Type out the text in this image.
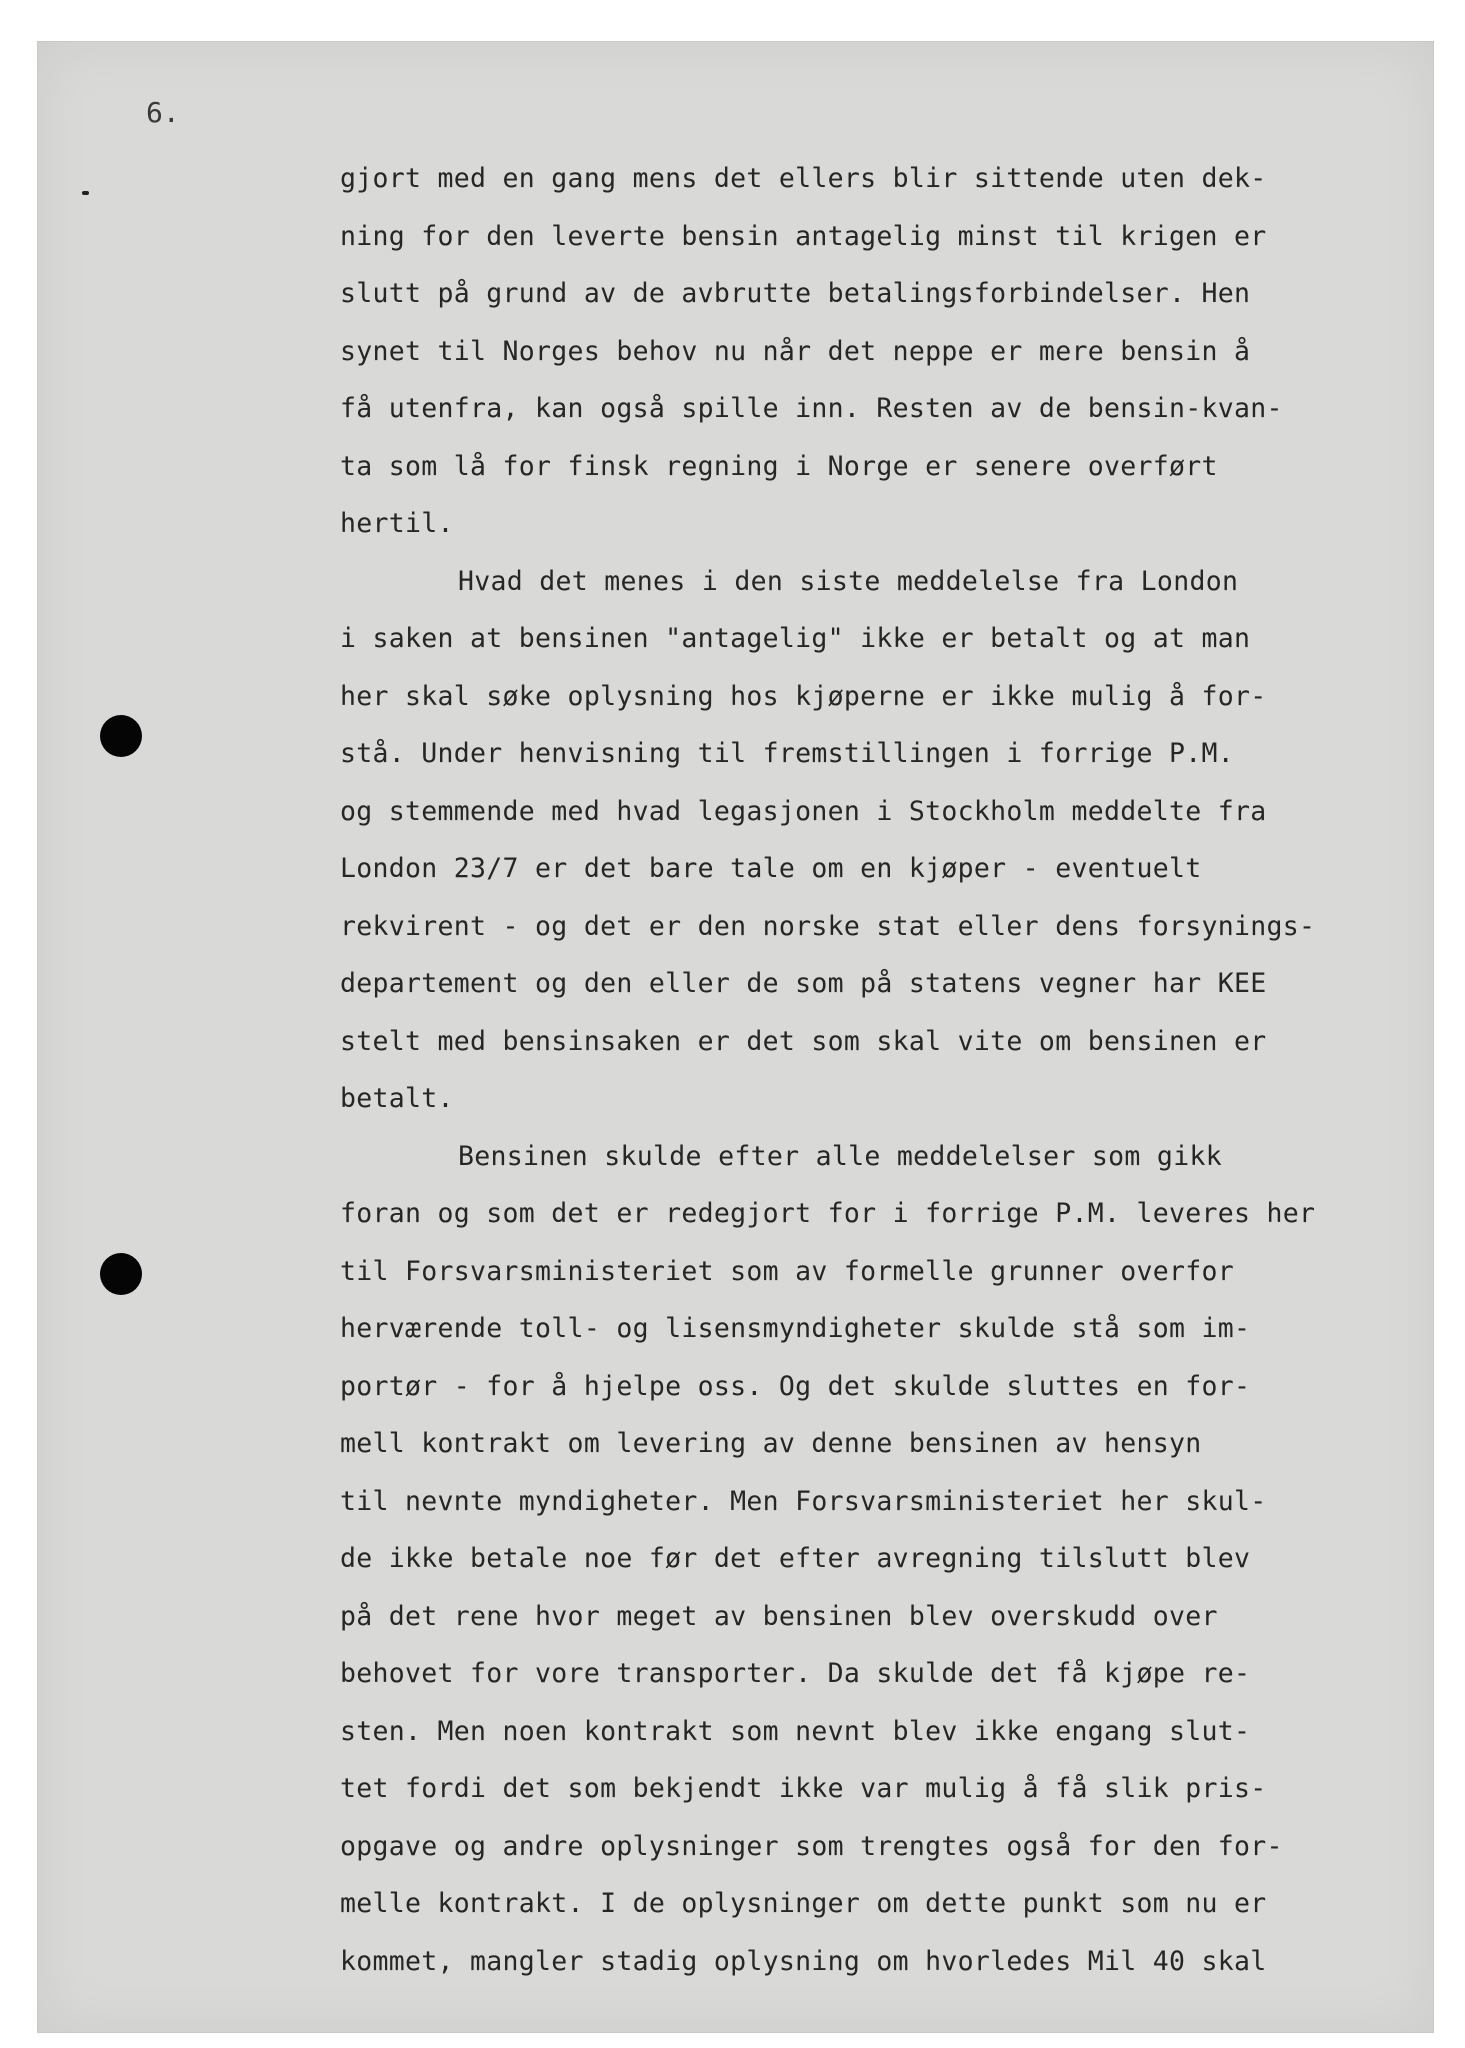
6.
gjort med en gang mens det ellers blir sittende uten dek-
ning for den leverte bensin antagelig minst til krigen er
slutt på grund av de avbrutte betalingsforbindelser. Hen
synet til Norges behov nu når det neppe er mere bensin å
få utenfra, kan også spille inn. Resten av de bensin-kvan-
ta som lå for finsk regning i Norge er senere overført
hertil.
Hvad det menes i den siste meddelelse fra London
i saken at bensinen "antagelig" ikke er betalt og at man
her skal søke oplysning hos kjøperne er ikke mulig å for-
stå. Under henvisning til fremstillingen i forrige P.M.
og stemmende med hvad legasjonen i Stockholm meddelte fra
London 23/7 er det bare tale om en kjøper - eventuelt
rekvirent - og det er den norske stat eller dens forsynings-
departement og den eller de som på statens vegner har KEE
stelt med bensinsaken er det som skal vite om bensinen er
betalt.
Bensinen skulde efter alle meddelelser som gikk
foran og som det er redegjort for i forrige P.M. leveres her
til Forsvarsministeriet som av formelle grunner overfor
herværende toll- og lisensmyndigheter skulde stå som im-
portør - for å hjelpe oss. Og det skulde sluttes en for-
mell kontrakt om levering av denne bensinen av hensyn
til nevnte myndigheter. Men Forsvarsministeriet her skul-
de ikke betale noe før det efter avregning tilslutt blev
på det rene hvor meget av bensinen blev overskudd over
behovet for vore transporter. Da skulde det få kjøpe re-
sten. Men noen kontrakt som nevnt blev ikke engang slut-
tet fordi det som bekjendt ikke var mulig å få slik pris-
opgave og andre oplysninger som trengtes også for den for-
melle kontrakt. I de oplysninger om dette punkt som nu er
kommet, mangler stadig oplysning om hvorledes Mil 40 skal
